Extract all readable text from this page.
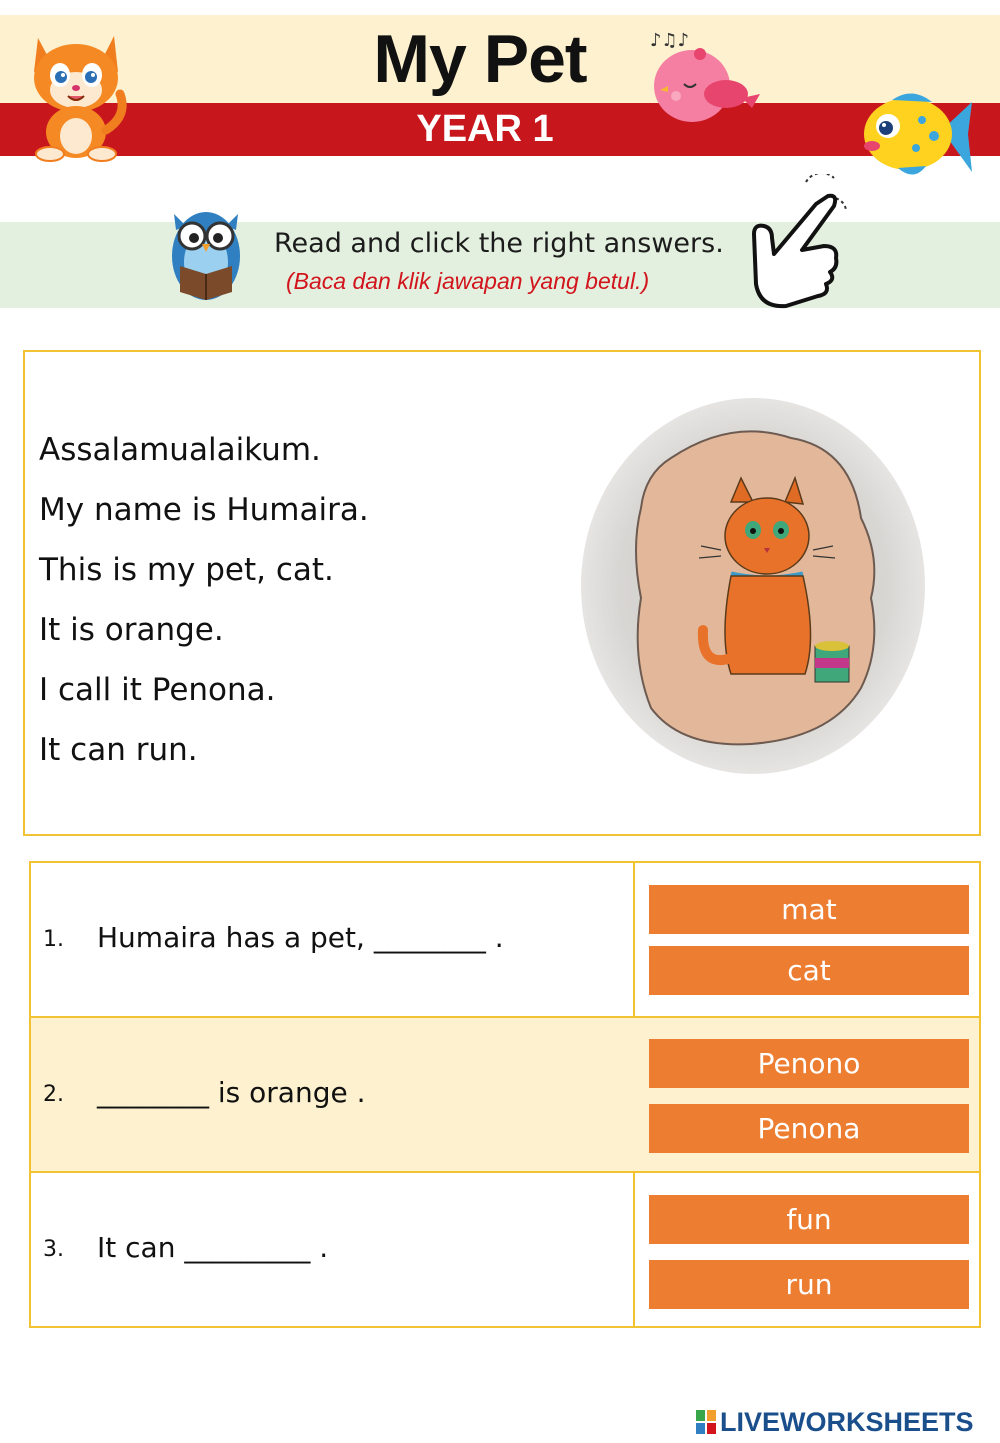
My Pet
YEAR 1
♪♫♪
Read and click the right answers.
(Baca dan klik jawapan yang betul.)
Assalamualaikum.
My name is Humaira.
This is my pet, cat.
It is orange.
I call it Penona.
It can run.
1. Humaira has a pet, ________ .
mat
cat
2. ________ is orange .
Penono
Penona
3. It can _________ .
fun
run
LIVEWORKSHEETS
